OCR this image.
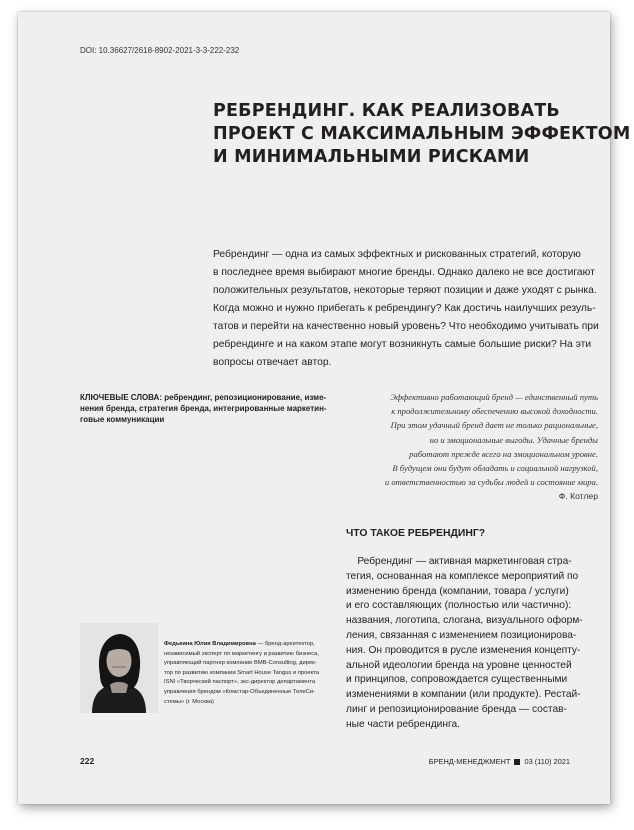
DOI: 10.36627/2618-8902-2021-3-3-222-232
РЕБРЕНДИНГ. КАК РЕАЛИЗОВАТЬ
ПРОЕКТ С МАКСИМАЛЬНЫМ ЭФФЕКТОМ
И МИНИМАЛЬНЫМИ РИСКАМИ
Ребрендинг — одна из самых эффектных и рискованных стратегий, которую
в последнее время выбирают многие бренды. Однако далеко не все достигают
положительных результатов, некоторые теряют позиции и даже уходят с рынка.
Когда можно и нужно прибегать к ребрендингу? Как достичь наилучших резуль-
татов и перейти на качественно новый уровень? Что необходимо учитывать при
ребрендинге и на каком этапе могут возникнуть самые большие риски? На эти
вопросы отвечает автор.
КЛЮЧЕВЫЕ СЛОВА: ребрендинг, репозиционирование, изме-
нения бренда, стратегия бренда, интегрированные маркетин-
говые коммуникации
Эффективно работающий бренд — единственный путь
к продолжительному обеспечению высокой доходности.
При этом удачный бренд дает не только рациональные,
но и эмоциональные выгоды. Удачные бренды
работают прежде всего на эмоциональном уровне.
В будущем они будут обладать и социальной нагрузкой,
и ответственностью за судьбы людей и состояние мира.
Ф. Котлер
ЧТО ТАКОЕ РЕБРЕНДИНГ?
Ребрендинг — активная маркетинговая стра-
тегия, основанная на комплексе мероприятий по
изменению бренда (компании, товара / услуги)
и его составляющих (полностью или частично):
названия, логотипа, слогана, визуального оформ-
ления, связанная с изменением позиционирова-
ния. Он проводится в русле изменения концепту-
альной идеологии бренда на уровне ценностей
и принципов, сопровождается существенными
изменениями в компании (или продукте). Рестай-
линг и репозиционирование бренда — состав-
ные части ребрендинга.
Федькина Юлия Владимировна — бренд-архитектор,
независимый эксперт по маркетингу и развитию бизнеса,
управляющий партнер компании BMB-Consulting, дирек-
тор по развитию компании Smart House Tangus и проекта
ISNI «Творческий паспорт», экс-директор департамента
управления брендом «Комстар-Объединенные ТелеСи-
стемы» (г. Москва)
222	БРЕНД-МЕНЕДЖМЕНТ 03 (110) 2021
